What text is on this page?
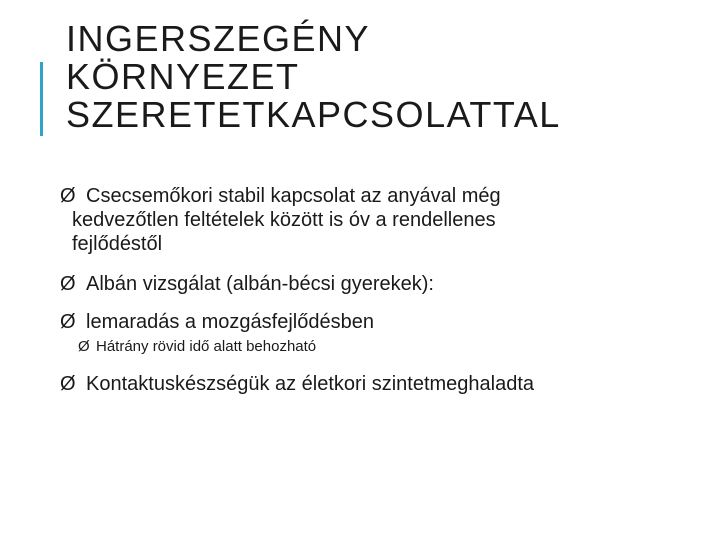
INGERSZEGÉNY
KÖRNYEZET
SZERETETKAPCSOLATTAL
Ø Csecsemőkori stabil kapcsolat az anyával még
kedvezőtlen feltételek között is óv a rendellenes
fejlődéstől
Ø Albán vizsgálat (albán-bécsi gyerekek):
Ø lemaradás a mozgásfejlődésben
Ø Hátrány rövid idő alatt behozható
Ø Kontaktuskészségük az életkori szintetmeghaladta
